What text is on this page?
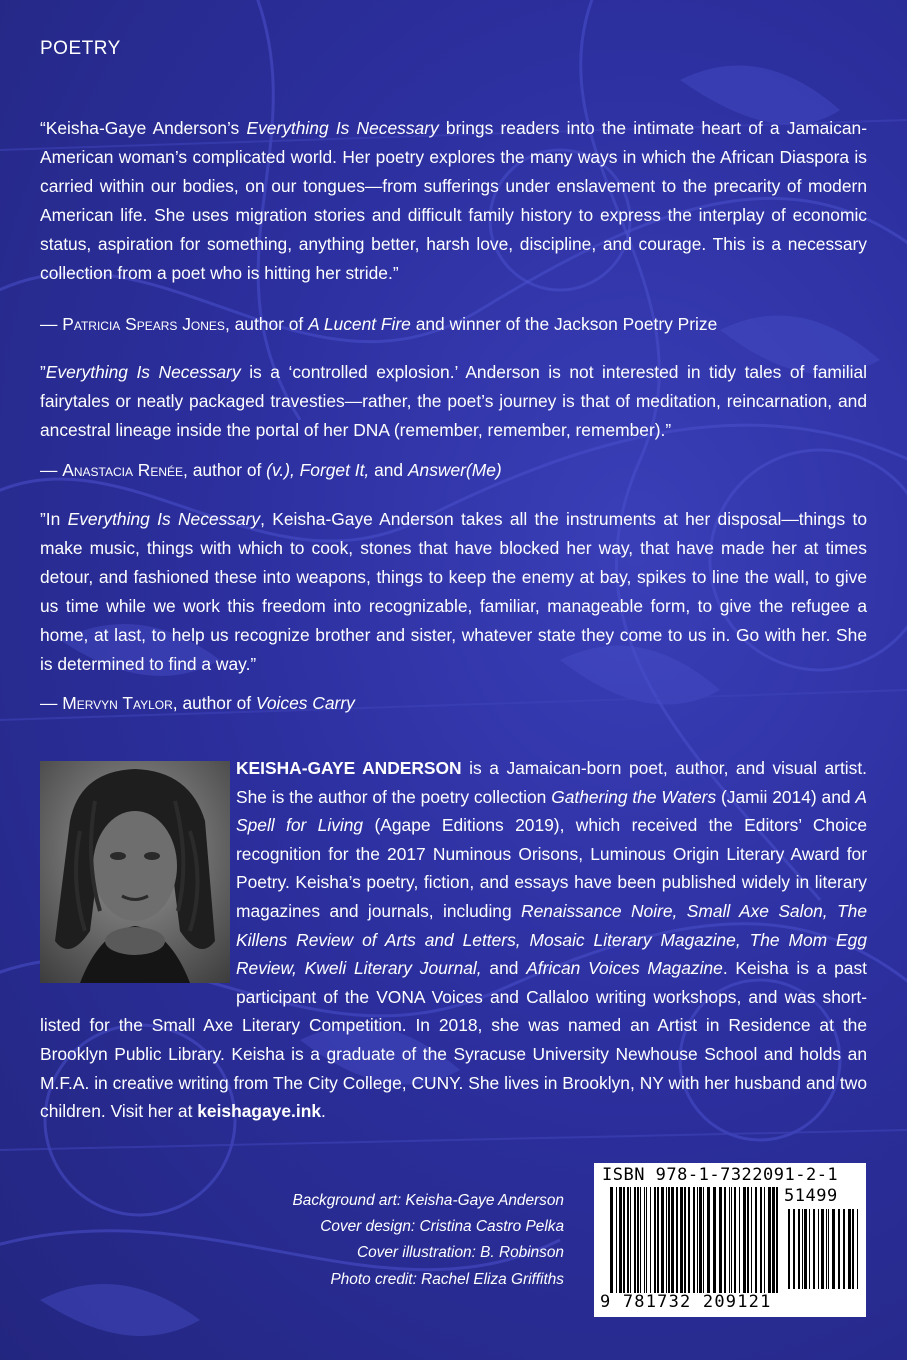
POETRY
“Keisha-Gaye Anderson’s Everything Is Necessary brings readers into the intimate heart of a Jamaican-American woman’s complicated world. Her poetry explores the many ways in which the African Diaspora is carried within our bodies, on our tongues—from sufferings under enslavement to the precarity of modern American life. She uses migration stories and difficult family history to express the interplay of economic status, aspiration for something, anything better, harsh love, discipline, and courage. This is a necessary collection from a poet who is hitting her stride.”
— Patricia Spears Jones, author of A Lucent Fire and winner of the Jackson Poetry Prize
”Everything Is Necessary is a ‘controlled explosion.’ Anderson is not interested in tidy tales of familial fairytales or neatly packaged travesties—rather, the poet’s journey is that of meditation, reincarnation, and ancestral lineage inside the portal of her DNA (remember, remember, remember).”
— Anastacia Renée, author of (v.), Forget It, and Answer(Me)
”In Everything Is Necessary, Keisha-Gaye Anderson takes all the instruments at her disposal—things to make music, things with which to cook, stones that have blocked her way, that have made her at times detour, and fashioned these into weapons, things to keep the enemy at bay, spikes to line the wall, to give us time while we work this freedom into recognizable, familiar, manageable form, to give the refugee a home, at last, to help us recognize brother and sister, whatever state they come to us in. Go with her. She is determined to find a way.”
— Mervyn Taylor, author of Voices Carry
KEISHA-GAYE ANDERSON is a Jamaican-born poet, author, and visual artist. She is the author of the poetry collection Gathering the Waters (Jamii 2014) and A Spell for Living (Agape Editions 2019), which received the Editors’ Choice recognition for the 2017 Numinous Orisons, Luminous Origin Literary Award for Poetry. Keisha’s poetry, fiction, and essays have been published widely in literary magazines and journals, including Renaissance Noire, Small Axe Salon, The Killens Review of Arts and Letters, Mosaic Literary Magazine, The Mom Egg Review, Kweli Literary Journal, and African Voices Magazine. Keisha is a past participant of the VONA Voices and Callaloo writing workshops, and was short-listed for the Small Axe Literary Competition. In 2018, she was named an Artist in Residence at the Brooklyn Public Library. Keisha is a graduate of the Syracuse University Newhouse School and holds an M.F.A. in creative writing from The City College, CUNY. She lives in Brooklyn, NY with her husband and two children. Visit her at keishagaye.ink.
Background art: Keisha-Gaye Anderson
Cover design: Cristina Castro Pelka
Cover illustration: B. Robinson
Photo credit: Rachel Eliza Griffiths
ISBN 978-1-7322091-2-1
51499
9 781732 209121
